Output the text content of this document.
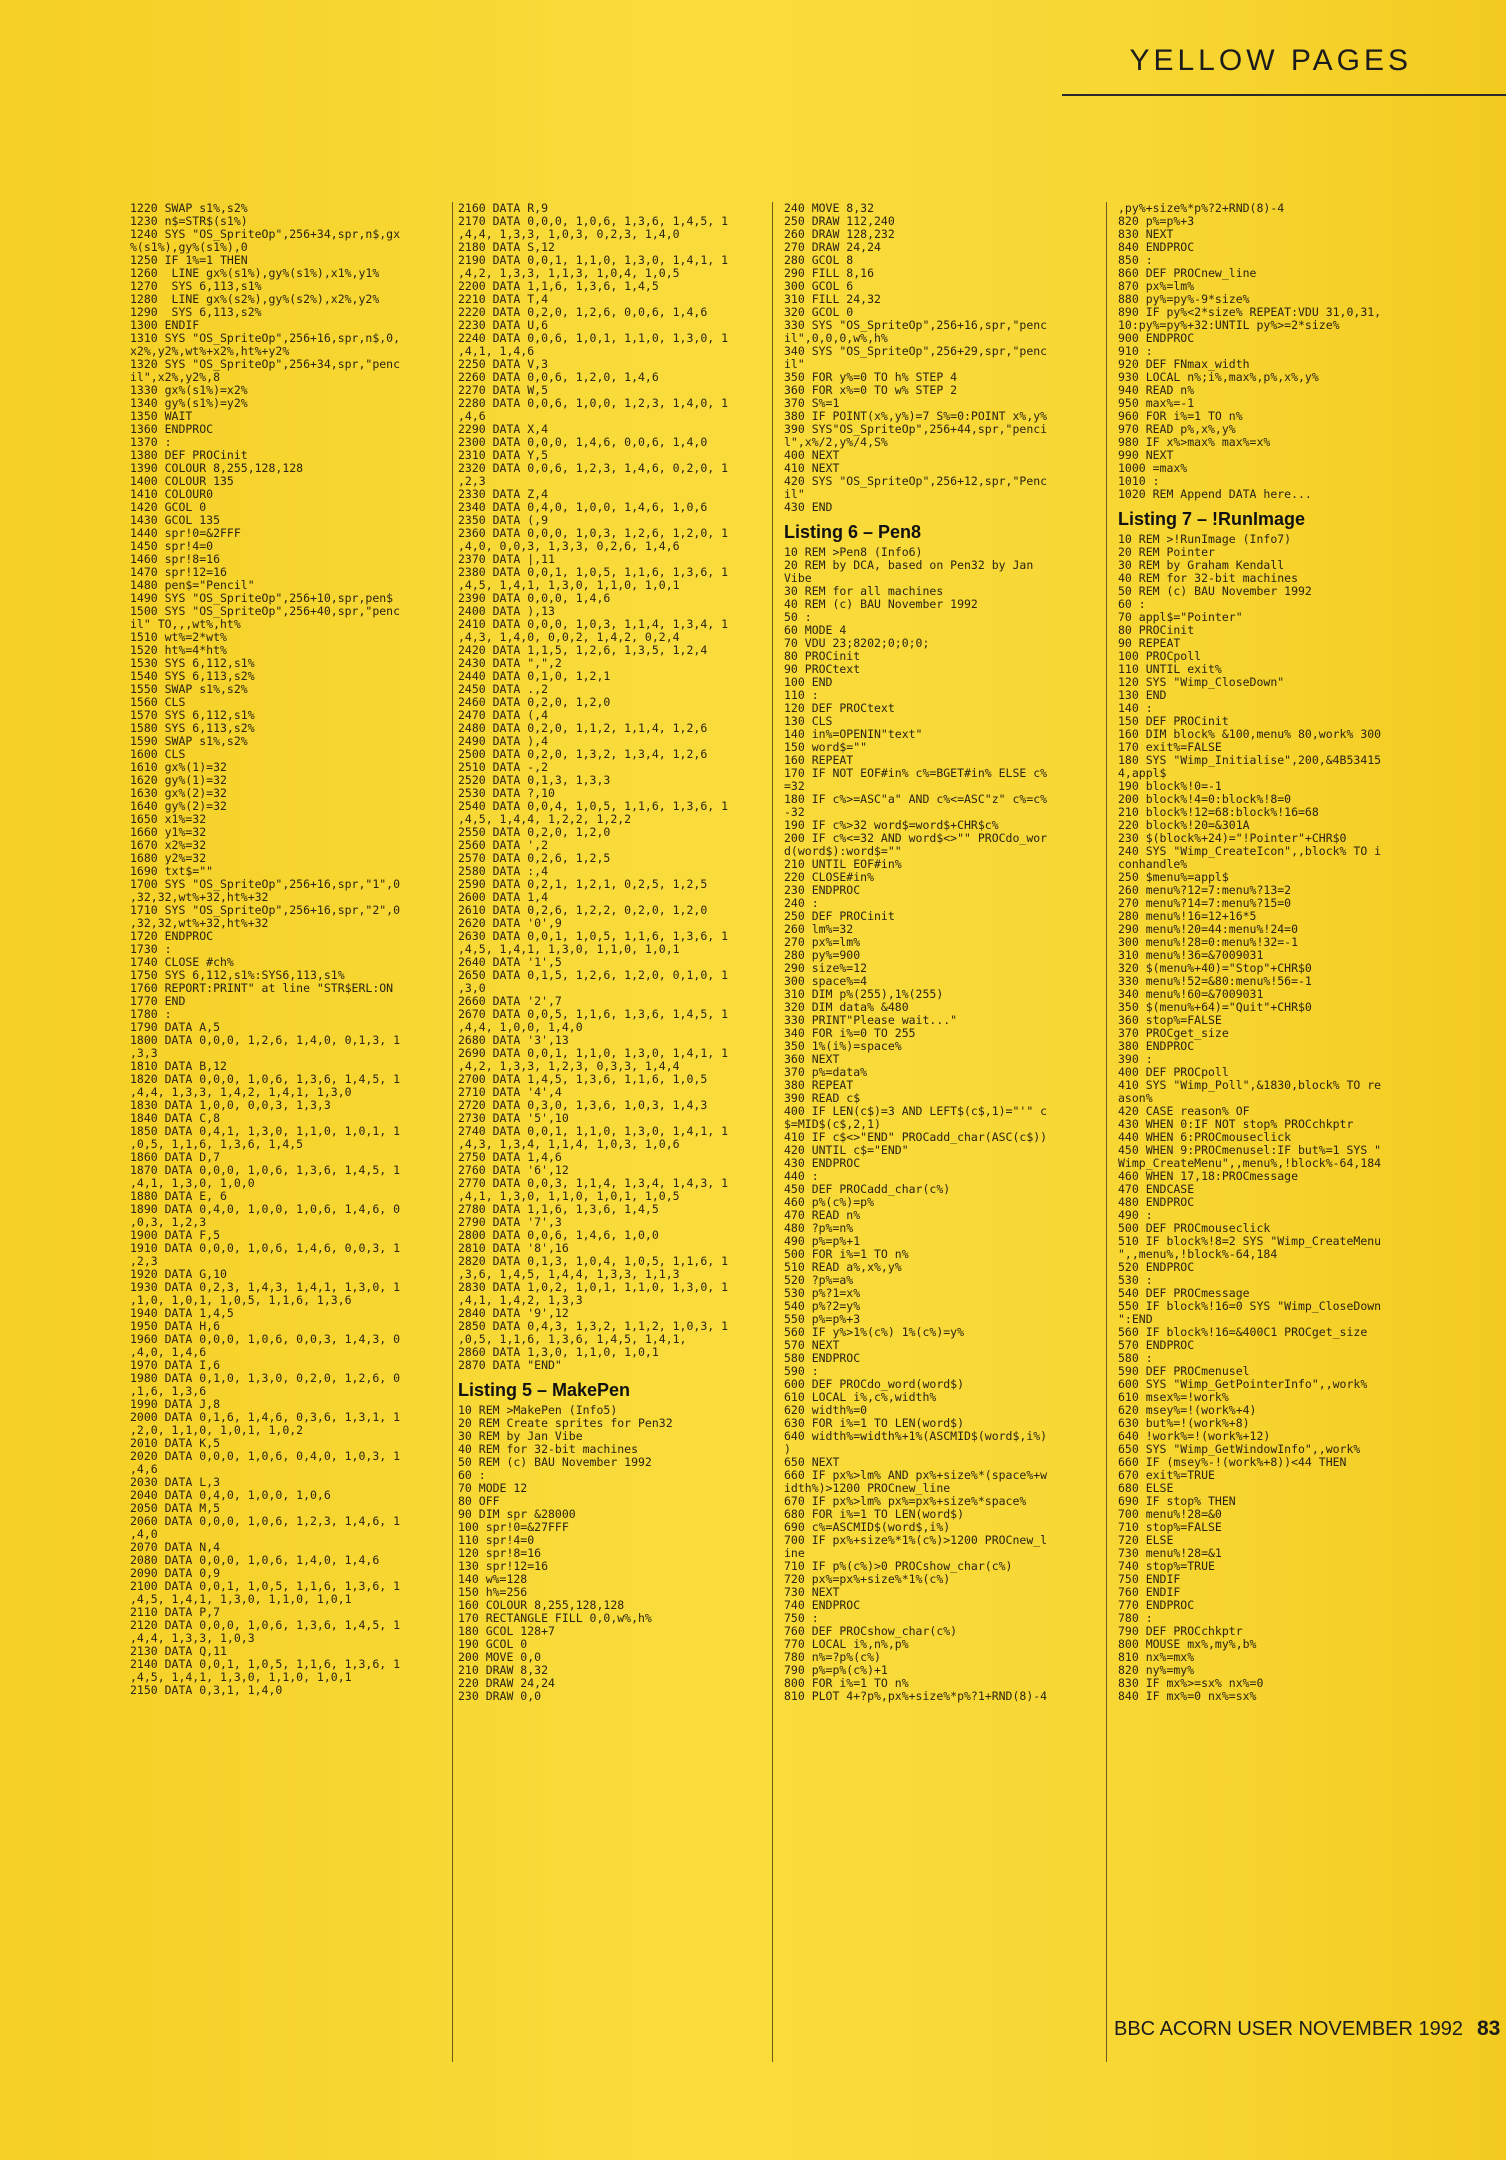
YELLOW PAGES
1220 SWAP s1%,s2%
1230 n$=STR$(s1%)
1240 SYS "OS_SpriteOp",256+34,spr,n$,gx
%(s1%),gy%(s1%),0
1250 IF 1%=1 THEN
1260  LINE gx%(s1%),gy%(s1%),x1%,y1%
1270  SYS 6,113,s1%
1280  LINE gx%(s2%),gy%(s2%),x2%,y2%
1290  SYS 6,113,s2%
1300 ENDIF
1310 SYS "OS_SpriteOp",256+16,spr,n$,0,
x2%,y2%,wt%+x2%,ht%+y2%
1320 SYS "OS_SpriteOp",256+34,spr,"penc
il",x2%,y2%,8
1330 gx%(s1%)=x2%
1340 gy%(s1%)=y2%
1350 WAIT
1360 ENDPROC
1370 :
1380 DEF PROCinit
1390 COLOUR 8,255,128,128
1400 COLOUR 135
1410 COLOUR0
1420 GCOL 0
1430 GCOL 135
1440 spr!0=&2FFF
1450 spr!4=0
1460 spr!8=16
1470 spr!12=16
1480 pen$="Pencil"
1490 SYS "OS_SpriteOp",256+10,spr,pen$
1500 SYS "OS_SpriteOp",256+40,spr,"penc
il" TO,,,wt%,ht%
1510 wt%=2*wt%
1520 ht%=4*ht%
1530 SYS 6,112,s1%
1540 SYS 6,113,s2%
1550 SWAP s1%,s2%
1560 CLS
1570 SYS 6,112,s1%
1580 SYS 6,113,s2%
1590 SWAP s1%,s2%
1600 CLS
1610 gx%(1)=32
1620 gy%(1)=32
1630 gx%(2)=32
1640 gy%(2)=32
1650 x1%=32
1660 y1%=32
1670 x2%=32
1680 y2%=32
1690 txt$=""
1700 SYS "OS_SpriteOp",256+16,spr,"1",0
,32,32,wt%+32,ht%+32
1710 SYS "OS_SpriteOp",256+16,spr,"2",0
,32,32,wt%+32,ht%+32
1720 ENDPROC
1730 :
1740 CLOSE #ch%
1750 SYS 6,112,s1%:SYS6,113,s1%
1760 REPORT:PRINT" at line "STR$ERL:ON
1770 END
1780 :
1790 DATA A,5
1800 DATA 0,0,0, 1,2,6, 1,4,0, 0,1,3, 1
,3,3
1810 DATA B,12
1820 DATA 0,0,0, 1,0,6, 1,3,6, 1,4,5, 1
,4,4, 1,3,3, 1,4,2, 1,4,1, 1,3,0
1830 DATA 1,0,0, 0,0,3, 1,3,3
1840 DATA C,8
1850 DATA 0,4,1, 1,3,0, 1,1,0, 1,0,1, 1
,0,5, 1,1,6, 1,3,6, 1,4,5
1860 DATA D,7
1870 DATA 0,0,0, 1,0,6, 1,3,6, 1,4,5, 1
,4,1, 1,3,0, 1,0,0
1880 DATA E, 6
1890 DATA 0,4,0, 1,0,0, 1,0,6, 1,4,6, 0
,0,3, 1,2,3
1900 DATA F,5
1910 DATA 0,0,0, 1,0,6, 1,4,6, 0,0,3, 1
,2,3
1920 DATA G,10
1930 DATA 0,2,3, 1,4,3, 1,4,1, 1,3,0, 1
,1,0, 1,0,1, 1,0,5, 1,1,6, 1,3,6
1940 DATA 1,4,5
1950 DATA H,6
1960 DATA 0,0,0, 1,0,6, 0,0,3, 1,4,3, 0
,4,0, 1,4,6
1970 DATA I,6
1980 DATA 0,1,0, 1,3,0, 0,2,0, 1,2,6, 0
,1,6, 1,3,6
1990 DATA J,8
2000 DATA 0,1,6, 1,4,6, 0,3,6, 1,3,1, 1
,2,0, 1,1,0, 1,0,1, 1,0,2
2010 DATA K,5
2020 DATA 0,0,0, 1,0,6, 0,4,0, 1,0,3, 1
,4,6
2030 DATA L,3
2040 DATA 0,4,0, 1,0,0, 1,0,6
2050 DATA M,5
2060 DATA 0,0,0, 1,0,6, 1,2,3, 1,4,6, 1
,4,0
2070 DATA N,4
2080 DATA 0,0,0, 1,0,6, 1,4,0, 1,4,6
2090 DATA 0,9
2100 DATA 0,0,1, 1,0,5, 1,1,6, 1,3,6, 1
,4,5, 1,4,1, 1,3,0, 1,1,0, 1,0,1
2110 DATA P,7
2120 DATA 0,0,0, 1,0,6, 1,3,6, 1,4,5, 1
,4,4, 1,3,3, 1,0,3
2130 DATA Q,11
2140 DATA 0,0,1, 1,0,5, 1,1,6, 1,3,6, 1
,4,5, 1,4,1, 1,3,0, 1,1,0, 1,0,1
2150 DATA 0,3,1, 1,4,0
2160 DATA R,9
2170 DATA 0,0,0, 1,0,6, 1,3,6, 1,4,5, 1
,4,4, 1,3,3, 1,0,3, 0,2,3, 1,4,0
2180 DATA S,12
2190 DATA 0,0,1, 1,1,0, 1,3,0, 1,4,1, 1
,4,2, 1,3,3, 1,1,3, 1,0,4, 1,0,5
2200 DATA 1,1,6, 1,3,6, 1,4,5
2210 DATA T,4
2220 DATA 0,2,0, 1,2,6, 0,0,6, 1,4,6
2230 DATA U,6
2240 DATA 0,0,6, 1,0,1, 1,1,0, 1,3,0, 1
,4,1, 1,4,6
2250 DATA V,3
2260 DATA 0,0,6, 1,2,0, 1,4,6
2270 DATA W,5
2280 DATA 0,0,6, 1,0,0, 1,2,3, 1,4,0, 1
,4,6
2290 DATA X,4
2300 DATA 0,0,0, 1,4,6, 0,0,6, 1,4,0
2310 DATA Y,5
2320 DATA 0,0,6, 1,2,3, 1,4,6, 0,2,0, 1
,2,3
2330 DATA Z,4
2340 DATA 0,4,0, 1,0,0, 1,4,6, 1,0,6
2350 DATA (,9
2360 DATA 0,0,0, 1,0,3, 1,2,6, 1,2,0, 1
,4,0, 0,0,3, 1,3,3, 0,2,6, 1,4,6
2370 DATA |,11
2380 DATA 0,0,1, 1,0,5, 1,1,6, 1,3,6, 1
,4,5, 1,4,1, 1,3,0, 1,1,0, 1,0,1
2390 DATA 0,0,0, 1,4,6
2400 DATA ),13
2410 DATA 0,0,0, 1,0,3, 1,1,4, 1,3,4, 1
,4,3, 1,4,0, 0,0,2, 1,4,2, 0,2,4
2420 DATA 1,1,5, 1,2,6, 1,3,5, 1,2,4
2430 DATA ",",2
2440 DATA 0,1,0, 1,2,1
2450 DATA .,2
2460 DATA 0,2,0, 1,2,0
2470 DATA (,4
2480 DATA 0,2,0, 1,1,2, 1,1,4, 1,2,6
2490 DATA ),4
2500 DATA 0,2,0, 1,3,2, 1,3,4, 1,2,6
2510 DATA -,2
2520 DATA 0,1,3, 1,3,3
2530 DATA ?,10
2540 DATA 0,0,4, 1,0,5, 1,1,6, 1,3,6, 1
,4,5, 1,4,4, 1,2,2, 1,2,2
2550 DATA 0,2,0, 1,2,0
2560 DATA ',2
2570 DATA 0,2,6, 1,2,5
2580 DATA :,4
2590 DATA 0,2,1, 1,2,1, 0,2,5, 1,2,5
2600 DATA 1,4
2610 DATA 0,2,6, 1,2,2, 0,2,0, 1,2,0
2620 DATA '0',9
2630 DATA 0,0,1, 1,0,5, 1,1,6, 1,3,6, 1
,4,5, 1,4,1, 1,3,0, 1,1,0, 1,0,1
2640 DATA '1',5
2650 DATA 0,1,5, 1,2,6, 1,2,0, 0,1,0, 1
,3,0
2660 DATA '2',7
2670 DATA 0,0,5, 1,1,6, 1,3,6, 1,4,5, 1
,4,4, 1,0,0, 1,4,0
2680 DATA '3',13
2690 DATA 0,0,1, 1,1,0, 1,3,0, 1,4,1, 1
,4,2, 1,3,3, 1,2,3, 0,3,3, 1,4,4
2700 DATA 1,4,5, 1,3,6, 1,1,6, 1,0,5
2710 DATA '4',4
2720 DATA 0,3,0, 1,3,6, 1,0,3, 1,4,3
2730 DATA '5',10
2740 DATA 0,0,1, 1,1,0, 1,3,0, 1,4,1, 1
,4,3, 1,3,4, 1,1,4, 1,0,3, 1,0,6
2750 DATA 1,4,6
2760 DATA '6',12
2770 DATA 0,0,3, 1,1,4, 1,3,4, 1,4,3, 1
,4,1, 1,3,0, 1,1,0, 1,0,1, 1,0,5
2780 DATA 1,1,6, 1,3,6, 1,4,5
2790 DATA '7',3
2800 DATA 0,0,6, 1,4,6, 1,0,0
2810 DATA '8',16
2820 DATA 0,1,3, 1,0,4, 1,0,5, 1,1,6, 1
,3,6, 1,4,5, 1,4,4, 1,3,3, 1,1,3
2830 DATA 1,0,2, 1,0,1, 1,1,0, 1,3,0, 1
,4,1, 1,4,2, 1,3,3
2840 DATA '9',12
2850 DATA 0,4,3, 1,3,2, 1,1,2, 1,0,3, 1
,0,5, 1,1,6, 1,3,6, 1,4,5, 1,4,1,
2860 DATA 1,3,0, 1,1,0, 1,0,1
2870 DATA "END"
Listing 5 – MakePen
10 REM >MakePen (Info5)
20 REM Create sprites for Pen32
30 REM by Jan Vibe
40 REM for 32-bit machines
50 REM (c) BAU November 1992
60 :
70 MODE 12
80 OFF
90 DIM spr &28000
100 spr!0=&27FFF
110 spr!4=0
120 spr!8=16
130 spr!12=16
140 w%=128
150 h%=256
160 COLOUR 8,255,128,128
170 RECTANGLE FILL 0,0,w%,h%
180 GCOL 128+7
190 GCOL 0
200 MOVE 0,0
210 DRAW 8,32
220 DRAW 24,24
230 DRAW 0,0
240 MOVE 8,32
250 DRAW 112,240
260 DRAW 128,232
270 DRAW 24,24
280 GCOL 8
290 FILL 8,16
300 GCOL 6
310 FILL 24,32
320 GCOL 0
330 SYS "OS_SpriteOp",256+16,spr,"penc
il",0,0,0,w%,h%
340 SYS "OS_SpriteOp",256+29,spr,"penc
il"
350 FOR y%=0 TO h% STEP 4
360 FOR x%=0 TO w% STEP 2
370 S%=1
380 IF POINT(x%,y%)=7 S%=0:POINT x%,y%
390 SYS"OS_SpriteOp",256+44,spr,"penci
l",x%/2,y%/4,S%
400 NEXT
410 NEXT
420 SYS "OS_SpriteOp",256+12,spr,"Penc
il"
430 END
Listing 6 – Pen8
10 REM >Pen8 (Info6)
20 REM by DCA, based on Pen32 by Jan
Vibe
30 REM for all machines
40 REM (c) BAU November 1992
50 :
60 MODE 4
70 VDU 23;8202;0;0;0;
80 PROCinit
90 PROCtext
100 END
110 :
120 DEF PROCtext
130 CLS
140 in%=OPENIN"text"
150 word$=""
160 REPEAT
170 IF NOT EOF#in% c%=BGET#in% ELSE c%
=32
180 IF c%>=ASC"a" AND c%<=ASC"z" c%=c%
-32
190 IF c%>32 word$=word$+CHR$c%
200 IF c%<=32 AND word$<>"" PROCdo_wor
d(word$):word$=""
210 UNTIL EOF#in%
220 CLOSE#in%
230 ENDPROC
240 :
250 DEF PROCinit
260 lm%=32
270 px%=lm%
280 py%=900
290 size%=12
300 space%=4
310 DIM p%(255),1%(255)
320 DIM data% &480
330 PRINT"Please wait..."
340 FOR i%=0 TO 255
350 1%(i%)=space%
360 NEXT
370 p%=data%
380 REPEAT
390 READ c$
400 IF LEN(c$)=3 AND LEFT$(c$,1)="'" c
$=MID$(c$,2,1)
410 IF c$<>"END" PROCadd_char(ASC(c$))
420 UNTIL c$="END"
430 ENDPROC
440 :
450 DEF PROCadd_char(c%)
460 p%(c%)=p%
470 READ n%
480 ?p%=n%
490 p%=p%+1
500 FOR i%=1 TO n%
510 READ a%,x%,y%
520 ?p%=a%
530 p%?1=x%
540 p%?2=y%
550 p%=p%+3
560 IF y%>1%(c%) 1%(c%)=y%
570 NEXT
580 ENDPROC
590 :
600 DEF PROCdo_word(word$)
610 LOCAL i%,c%,width%
620 width%=0
630 FOR i%=1 TO LEN(word$)
640 width%=width%+1%(ASCMID$(word$,i%)
)
650 NEXT
660 IF px%>lm% AND px%+size%*(space%+w
idth%)>1200 PROCnew_line
670 IF px%>lm% px%=px%+size%*space%
680 FOR i%=1 TO LEN(word$)
690 c%=ASCMID$(word$,i%)
700 IF px%+size%*1%(c%)>1200 PROCnew_l
ine
710 IF p%(c%)>0 PROCshow_char(c%)
720 px%=px%+size%*1%(c%)
730 NEXT
740 ENDPROC
750 :
760 DEF PROCshow_char(c%)
770 LOCAL i%,n%,p%
780 n%=?p%(c%)
790 p%=p%(c%)+1
800 FOR i%=1 TO n%
810 PLOT 4+?p%,px%+size%*p%?1+RND(8)-4
,py%+size%*p%?2+RND(8)-4
820 p%=p%+3
830 NEXT
840 ENDPROC
850 :
860 DEF PROCnew_line
870 px%=lm%
880 py%=py%-9*size%
890 IF py%<2*size% REPEAT:VDU 31,0,31,
10:py%=py%+32:UNTIL py%>=2*size%
900 ENDPROC
910 :
920 DEF FNmax_width
930 LOCAL n%;i%,max%,p%,x%,y%
940 READ n%
950 max%=-1
960 FOR i%=1 TO n%
970 READ p%,x%,y%
980 IF x%>max% max%=x%
990 NEXT
1000 =max%
1010 :
1020 REM Append DATA here...
Listing 7 – !RunImage
10 REM >!RunImage (Info7)
20 REM Pointer
30 REM by Graham Kendall
40 REM for 32-bit machines
50 REM (c) BAU November 1992
60 :
70 appl$="Pointer"
80 PROCinit
90 REPEAT
100 PROCpoll
110 UNTIL exit%
120 SYS "Wimp_CloseDown"
130 END
140 :
150 DEF PROCinit
160 DIM block% &100,menu% 80,work% 300
170 exit%=FALSE
180 SYS "Wimp_Initialise",200,&4B53415
4,appl$
190 block%!0=-1
200 block%!4=0:block%!8=0
210 block%!12=68:block%!16=68
220 block%!20=&301A
230 $(block%+24)="!Pointer"+CHR$0
240 SYS "Wimp_CreateIcon",,block% TO i
conhandle%
250 $menu%=appl$
260 menu%?12=7:menu%?13=2
270 menu%?14=7:menu%?15=0
280 menu%!16=12+16*5
290 menu%!20=44:menu%!24=0
300 menu%!28=0:menu%!32=-1
310 menu%!36=&7009031
320 $(menu%+40)="Stop"+CHR$0
330 menu%!52=&80:menu%!56=-1
340 menu%!60=&7009031
350 $(menu%+64)="Quit"+CHR$0
360 stop%=FALSE
370 PROCget_size
380 ENDPROC
390 :
400 DEF PROCpoll
410 SYS "Wimp_Poll",&1830,block% TO re
ason%
420 CASE reason% OF
430 WHEN 0:IF NOT stop% PROCchkptr
440 WHEN 6:PROCmouseclick
450 WHEN 9:PROCmenusel:IF but%=1 SYS "
Wimp_CreateMenu",,menu%,!block%-64,184
460 WHEN 17,18:PROCmessage
470 ENDCASE
480 ENDPROC
490 :
500 DEF PROCmouseclick
510 IF block%!8=2 SYS "Wimp_CreateMenu
",,menu%,!block%-64,184
520 ENDPROC
530 :
540 DEF PROCmessage
550 IF block%!16=0 SYS "Wimp_CloseDown
":END
560 IF block%!16=&400C1 PROCget_size
570 ENDPROC
580 :
590 DEF PROCmenusel
600 SYS "Wimp_GetPointerInfo",,work%
610 msex%=!work%
620 msey%=!(work%+4)
630 but%=!(work%+8)
640 !work%=!(work%+12)
650 SYS "Wimp_GetWindowInfo",,work%
660 IF (msey%-!(work%+8))<44 THEN
670 exit%=TRUE
680 ELSE
690 IF stop% THEN
700 menu%!28=&0
710 stop%=FALSE
720 ELSE
730 menu%!28=&1
740 stop%=TRUE
750 ENDIF
760 ENDIF
770 ENDPROC
780 :
790 DEF PROCchkptr
800 MOUSE mx%,my%,b%
810 nx%=mx%
820 ny%=my%
830 IF mx%>=sx% nx%=0
840 IF mx%=0 nx%=sx%
BBC ACORN USER NOVEMBER 1992 83
